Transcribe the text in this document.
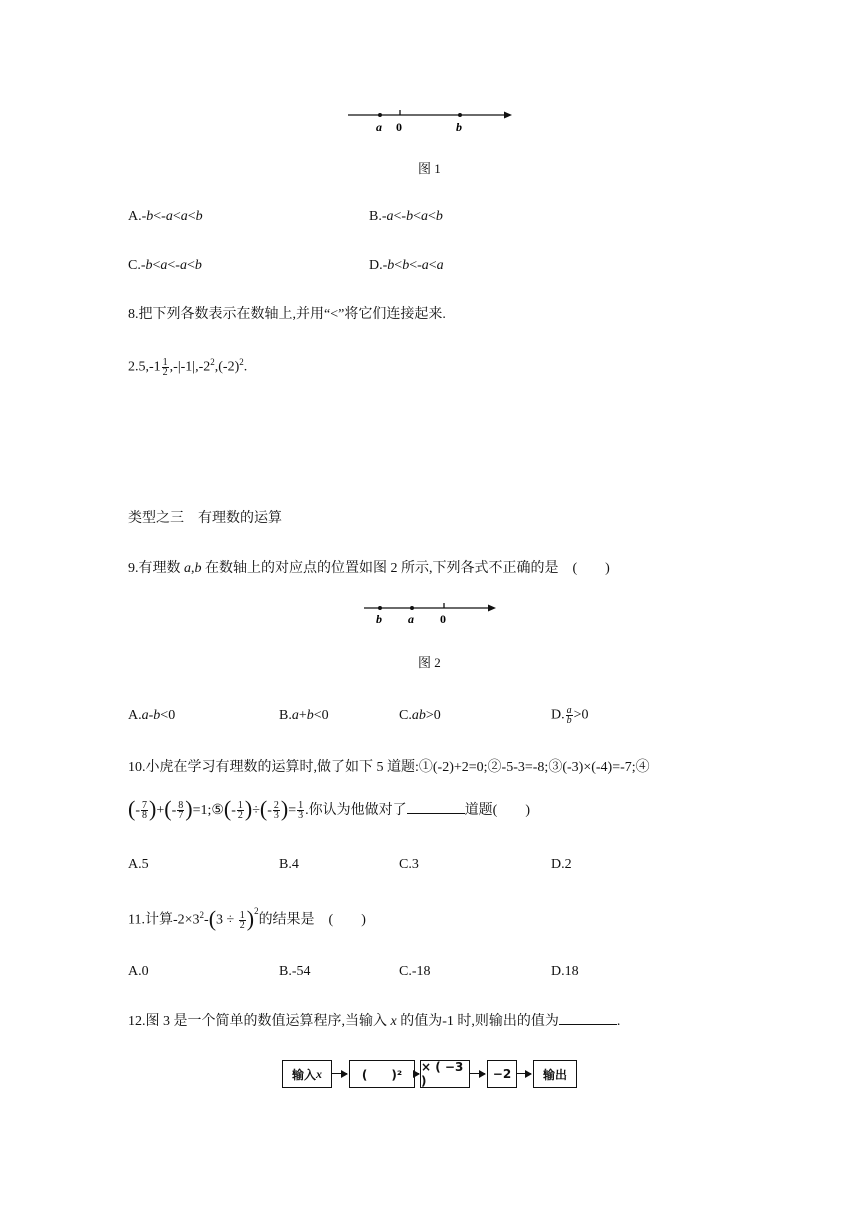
a 0	b
图 1
A.-b<-a<a<b	B.-a<-b<a<b
C.-b<a<-a<b	D.-b<b<-a<a
8.把下列各数表示在数轴上,并用“<”将它们连接起来.
$2.5,-1 \frac{1}{2} ,-|-1|,-2^2,(-2)^2$.
类型之三　有理数的运算
9.有理数 a,b 在数轴上的对应点的位置如图 2 所示,下列各式不正确的是　(　　)
b a 0
图 2
A.a-b<0	B.a+b<0	C.ab>0	D. $\frac{a}{b} >0$
10.小虎在学习有理数的运算时,做了如下 5 道题:①(-2)+2=0;②-5-3=-8;③(-3)×(-4)=-7;④
(- $\frac{7}{8}$ )+(- $\frac{8}{7}$ )=1;⑤(- $\frac{1}{2}$ )÷(- $\frac{2}{3}$ )= $\frac{1}{3}$ .你认为他做对了	道题(　　)
A.5	B.4	C.3	D.2
11.计算$-2\times 3^2-(3 \div \frac{1}{2} )^2$的结果是　(　　)
A.0	B.-54	C.-18	D.18
12.图 3 是一个简单的数值运算程序,当输入 x 的值为-1 时,则输出的值为	.
输入 x	(　　)²
× ( −3 )	−2	输出
